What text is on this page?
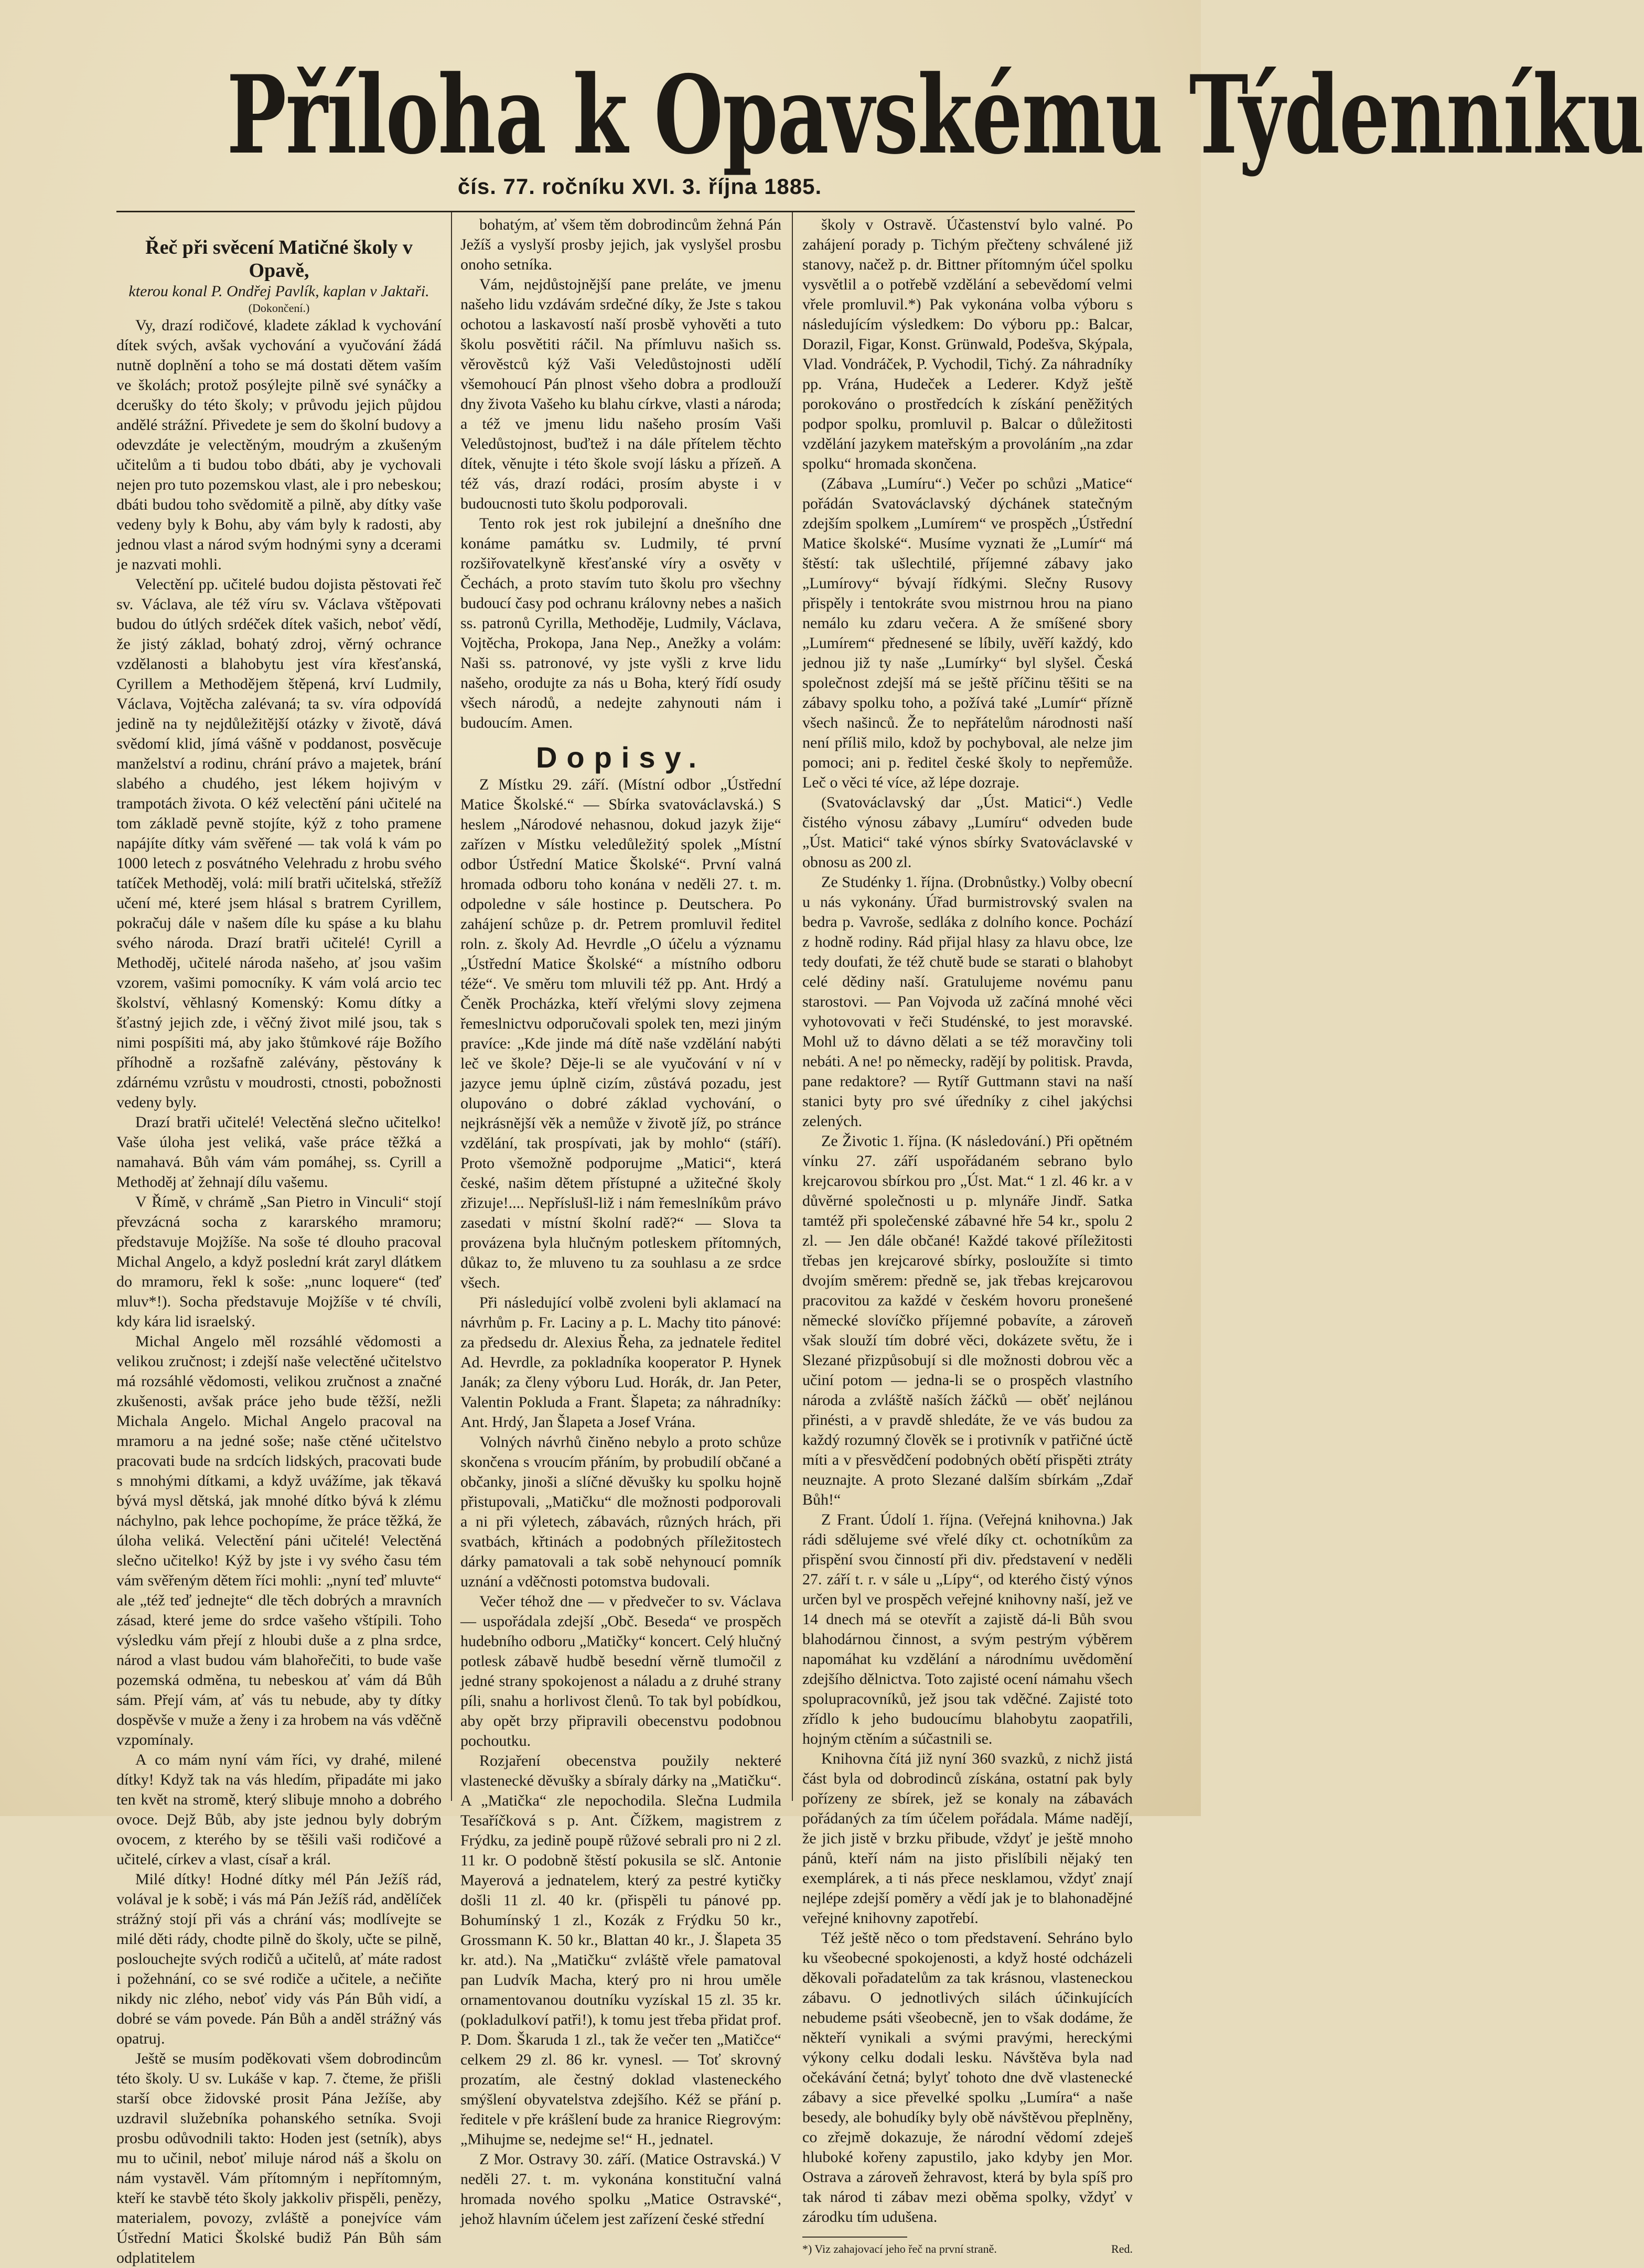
Příloha k Opavskému Týdenníku
čís. 77. ročníku XVI. 3. října 1885.
Řeč při svěcení Matičné školy v Opavě,
kterou konal P. Ondřej Pavlík, kaplan v Jaktaři.
(Dokončení.)

Vy, drazí rodičové, kladete základ k vychování dítek svých, avšak vychování a vyučování žádá nutně doplnění a toho se má dostati dětem vaším ve školách; protož posýlejte pilně své synáčky a dcerušky do této školy; v průvodu jejich půjdou andělé strážní. Přivedete je sem do školní budovy a odevzdáte je velectěným, moudrým a zkušeným učitelům a ti budou tobo dbáti, aby je vychovali nejen pro tuto pozemskou vlast, ale i pro nebeskou; dbáti budou toho svědomitě a pilně, aby dítky vaše vedeny byly k Bohu, aby vám byly k radosti, aby jednou vlast a národ svým hodnými syny a dcerami je nazvati mohli.

Velectění pp. učitelé budou dojista pěstovati řeč sv. Václava, ale též víru sv. Václava vštěpovati budou do útlých srdéček dítek vašich, neboť vědí, že jistý základ, bohatý zdroj, věrný ochrance vzdělanosti a blahobytu jest víra křesťanská, Cyrillem a Methodějem štěpená, krví Ludmily, Václava, Vojtěcha zalévaná; ta sv. víra odpovídá jedině na ty nejdůležitější otázky v životě, dává svědomí klid, jímá vášně v poddanost, posvěcuje manželství a rodinu, chrání právo a majetek, brání slabého a chudého, jest lékem hojivým v trampotách života. O kéž velectění páni učitelé na tom základě pevně stojíte, kýž z toho pramene napájíte dítky vám svěřené — tak volá k vám po 1000 letech z posvátného Velehradu z hrobu svého tatíček Methoděj, volá: milí bratři učitelská, střežíž učení mé, které jsem hlásal s bratrem Cyrillem, pokračuj dále v našem díle ku spáse a ku blahu svého národa. Drazí bratři učitelé! Cyrill a Methoděj, učitelé národa našeho, ať jsou vašim vzorem, vašimi pomocníky. K vám volá arcio tec školství, věhlasný Komenský: Komu dítky a šťastný jejich zde, i věčný život milé jsou, tak s nimi pospíšiti má, aby jako štůmkové ráje Božího příhodně a rozšafně zalévány, pěstovány k zdárnému vzrůstu v moudrosti, ctnosti, pobožnosti vedeny byly.

Drazí bratři učitelé! Velectěná slečno učitelko! Vaše úloha jest veliká, vaše práce těžká a namahavá. Bůh vám vám pomáhej, ss. Cyrill a Methoděj ať žehnají dílu vašemu.

V Římě, v chrámě „San Pietro in Vinculi“ stojí převzácná socha z kararského mramoru; představuje Mojžíše. Na soše té dlouho pracoval Michal Angelo, a když poslední krát zaryl dlátkem do mramoru, řekl k soše: „nunc loquere“ (teď mluv*!). Socha představuje Mojžíše v té chvíli, kdy kára lid israelský.

Michal Angelo měl rozsáhlé vědomosti a velikou zručnost; i zdejší naše velectěné učitelstvo má rozsáhlé vědomosti, velikou zručnost a značné zkušenosti, avšak práce jeho bude těžší, nežli Michala Angelo. Michal Angelo pracoval na mramoru a na jedné soše; naše ctěné učitelstvo pracovati bude na srdcích lidských, pracovati bude s mnohými dítkami, a když uvážíme, jak těkavá bývá mysl dětská, jak mnohé dítko bývá k zlému náchylno, pak lehce pochopíme, že práce těžká, že úloha veliká. Velectění páni učitelé! Velectěná slečno učitelko! Kýž by jste i vy svého času tém vám svěřeným dětem říci mohli: „nyní teď mluvte“ ale „též teď jednejte“ dle těch dobrých a mravních zásad, které jeme do srdce vašeho vštípili. Toho výsledku vám přejí z hloubi duše a z plna srdce, národ a vlast budou vám blahořečiti, to bude vaše pozemská odměna, tu nebeskou ať vám dá Bůh sám. Přejí vám, ať vás tu nebude, aby ty dítky dospěvše v muže a ženy i za hrobem na vás vděčně vzpomínaly.

A co mám nyní vám říci, vy drahé, milené dítky! Když tak na vás hledím, připadáte mi jako ten květ na stromě, který slibuje mnoho a dobrého ovoce. Dejž Bůb, aby jste jednou byly dobrým ovocem, z kterého by se těšili vaši rodičové a učitelé, církev a vlast, císař a král.

Milé dítky! Hodné dítky mél Pán Ježíš rád, volával je k sobě; i vás má Pán Ježíš rád, andělíček strážný stojí při vás a chrání vás; modlívejte se milé děti rády, chodte pilně do školy, učte se pilně, poslouchejte svých rodičů a učitelů, ať máte radost i požehnání, co se své rodiče a učitele, a nečiňte nikdy nic zlého, neboť vidy vás Pán Bůh vidí, a dobré se vám povede. Pán Bůh a anděl strážný vás opatruj.

Ještě se musím poděkovati všem dobrodincům této školy. U sv. Lukáše v kap. 7. čteme, že přišli starší obce židovské prosit Pána Ježíše, aby uzdravil služebníka pohanského setníka. Svoji prosbu odůvodnili takto: Hoden jest (setník), abys mu to učinil, neboť miluje národ náš a školu on nám vystavěl. Vám přítomným i nepřítomným, kteří ke stavbě této školy jakkoliv přispěli, penězy, materialem, povozy, zvláště a ponejvíce vám Ústřední Matici Školské budiž Pán Bůh sám odplatitelem

bohatým, ať všem těm dobrodincům žehná Pán Ježíš a vyslyší prosby jejich, jak vyslyšel prosbu onoho setníka.

Vám, nejdůstojnější pane preláte, ve jmenu našeho lidu vzdávám srdečné díky, že Jste s takou ochotou a laskavostí naší prosbě vyhověti a tuto školu posvětiti ráčil. Na přímluvu našich ss. věrověstců kýž Vaši Veledůstojnosti udělí všemohoucí Pán plnost všeho dobra a prodlouží dny života Vašeho ku blahu církve, vlasti a národa; a též ve jmenu lidu našeho prosím Vaši Veledůstojnost, buďtež i na dále přítelem těchto dítek, věnujte i této škole svojí lásku a přízeň. A též vás, drazí rodáci, prosím abyste i v budoucnosti tuto školu podporovali.

Tento rok jest rok jubilejní a dnešního dne konáme památku sv. Ludmily, té první rozšiřovatelkyně křesťanské víry a osvěty v Čechách, a proto stavím tuto školu pro všechny budoucí časy pod ochranu královny nebes a našich ss. patronů Cyrilla, Methoděje, Ludmily, Václava, Vojtěcha, Prokopa, Jana Nep., Anežky a volám: Naši ss. patronové, vy jste vyšli z krve lidu našeho, orodujte za nás u Boha, který řídí osudy všech národů, a nedejte zahynouti nám i budoucím. Amen.

Dopisy.

Z Místku 29. září. (Místní odbor „Ústřední Matice Školské.“ — Sbírka svatováclavská.) S heslem „Národové nehasnou, dokud jazyk žije“ zařízen v Místku veledůležitý spolek „Místní odbor Ústřední Matice Školské“. První valná hromada odboru toho konána v neděli 27. t. m. odpoledne v sále hostince p. Deutschera. Po zahájení schůze p. dr. Petrem promluvil ředitel roln. z. školy Ad. Hevrdle „O účelu a významu „Ústřední Matice Školské“ a místního odboru téže“. Ve směru tom mluvili též pp. Ant. Hrdý a Čeněk Procházka, kteří vřelými slovy zejmena řemeslnictvu odporučovali spolek ten, mezi jiným pravíce: „Kde jinde má dítě naše vzdělání nabýti leč ve škole? Děje-li se ale vyučování v ní v jazyce jemu úplně cizím, zůstává pozadu, jest olupováno o dobré základ vychování, o nejkrásnější věk a nemůže v životě jíž, po stránce vzdělání, tak prospívati, jak by mohlo“ (stáří). Proto všemožně podporujme „Matici“, která české, našim dětem přístupné a užitečné školy zřizuje!.... Nepříslušl-liž i nám řemeslníkům právo zasedati v místní školní radě?“ — Slova ta provázena byla hlučným potleskem přítomných, důkaz to, že mluveno tu za souhlasu a ze srdce všech.

Při následující volbě zvoleni byli aklamací na návrhům p. Fr. Laciny a p. L. Machy tito pánové: za předsedu dr. Alexius Řeha, za jednatele ředitel Ad. Hevrdle, za pokladníka kooperator P. Hynek Janák; za členy výboru Lud. Horák, dr. Jan Peter, Valentin Pokluda a Frant. Šlapeta; za náhradníky: Ant. Hrdý, Jan Šlapeta a Josef Vrána.

Volných návrhů činěno nebylo a proto schůze skončena s vroucím přáním, by probudilí občané a občanky, jinoši a slíčné děvušky ku spolku hojně přistupovali, „Matičku“ dle možnosti podporovali a ni při výletech, zábavách, různých hrách, při svatbách, křtinách a podobných příležitostech dárky pamatovali a tak sobě nehynoucí pomník uznání a vděčnosti potomstva budovali.

Večer téhož dne — v předvečer to sv. Václava — uspořádala zdejší „Obč. Beseda“ ve prospěch hudebního odboru „Matičky“ koncert. Celý hlučný potlesk zábavě hudbě besední věrně tlumočil z jedné strany spokojenost a náladu a z druhé strany píli, snahu a horlivost členů. To tak byl pobídkou, aby opět brzy připravili obecenstvu podobnou pochoutku.

Rozjaření obecenstva použily nekteré vlastenecké děvušky a sbíraly dárky na „Matičku“. A „Matička“ zle nepochodila. Slečna Ludmila Tesaříčková s p. Ant. Čížkem, magistrem z Frýdku, za jedině poupě růžové sebrali pro ni 2 zl. 11 kr. O podobně štěstí pokusila se slč. Antonie Mayerová a jednatelem, který za pestré kytičky došli 11 zl. 40 kr. (přispěli tu pánové pp. Bohumínský 1 zl., Kozák z Frýdku 50 kr., Grossmann K. 50 kr., Blattan 40 kr., J. Šlapeta 35 kr. atd.). Na „Matičku“ zvláště vřele pamatoval pan Ludvík Macha, který pro ni hrou uměle ornamentovanou doutníku vyzískal 15 zl. 35 kr. (pokladulkoví patři!), k tomu jest třeba přidat prof. P. Dom. Škaruda 1 zl., tak že večer ten „Matičce“ celkem 29 zl. 86 kr. vynesl. — Toť skrovný prozatím, ale čestný doklad vlasteneckého smýšlení obyvatelstva zdejšího. Kéž se přání p. ředitele v pře krášlení bude za hranice Riegrovým: „Mihujme se, nedejme se!“ H., jednatel.

Z Mor. Ostravy 30. září. (Matice Ostravská.) V neděli 27. t. m. vykonána konstituční valná hromada nového spolku „Matice Ostravské“, jehož hlavním účelem jest zařízení české střední

školy v Ostravě. Účastenství bylo valné. Po zahájení porady p. Tichým přečteny schválené již stanovy, načež p. dr. Bittner přítomným účel spolku vysvětlil a o potřebě vzdělání a sebevědomí velmi vřele promluvil.*) Pak vykonána volba výboru s následujícím výsledkem: Do výboru pp.: Balcar, Dorazil, Figar, Konst. Grünwald, Podešva, Skýpala, Vlad. Vondráček, P. Vychodil, Tichý. Za náhradníky pp. Vrána, Hudeček a Lederer. Když ještě porokováno o prostředcích k získání peněžitých podpor spolku, promluvil p. Balcar o důležitosti vzdělání jazykem mateřským a provoláním „na zdar spolku“ hromada skončena.

(Zábava „Lumíru“.) Večer po schůzi „Matice“ pořádán Svatováclavský dýchánek statečným zdejším spolkem „Lumírem“ ve prospěch „Ústřední Matice školské“. Musíme vyznati že „Lumír“ má štěstí: tak ušlechtilé, příjemné zábavy jako „Lumírovy“ bývají řídkými. Slečny Rusovy přispěly i tentokráte svou mistrnou hrou na piano nemálo ku zdaru večera. A že smíšené sbory „Lumírem“ přednesené se líbily, uvěří každý, kdo jednou již ty naše „Lumírky“ byl slyšel. Česká společnost zdejší má se ještě příčinu těšiti se na zábavy spolku toho, a požívá také „Lumír“ přízně všech našinců. Že to nepřátelům národnosti naší není příliš milo, kdož by pochyboval, ale nelze jim pomoci; ani p. ředitel české školy to nepřemůže. Leč o věci té více, až lépe dozraje.

(Svatováclavský dar „Úst. Matici“.) Vedle čistého výnosu zábavy „Lumíru“ odveden bude „Úst. Matici“ také výnos sbírky Svatováclavské v obnosu as 200 zl.

Ze Studénky 1. října. (Drobnůstky.) Volby obecní u nás vykonány. Úřad burmistrovský svalen na bedra p. Vavroše, sedláka z dolního konce. Pochází z hodně rodiny. Rád přijal hlasy za hlavu obce, lze tedy doufati, že též chutě bude se starati o blahobyt celé dědiny naší. Gratulujeme novému panu starostovi. — Pan Vojvoda už začíná mnohé věci vyhotovovati v řeči Studénské, to jest moravské. Mohl už to dávno dělati a se též moravčiny toli nebáti. A ne! po německy, radějí by politisk. Pravda, pane redaktore? — Rytíř Guttmann stavi na naší stanici byty pro své úředníky z cihel jakýchsi zelených.

Ze Životic 1. října. (K následování.) Při opětném vínku 27. září uspořádaném sebrano bylo krejcarovou sbírkou pro „Úst. Mat.“ 1 zl. 46 kr. a v důvěrné společnosti u p. mlynáře Jindř. Satka tamtéž při společenské zábavné hře 54 kr., spolu 2 zl. — Jen dále občané! Každé takové příležitosti třebas jen krejcarové sbírky, posloužíte si timto dvojím směrem: předně se, jak třebas krejcarovou pracovitou za každé v českém hovoru pronešené německé slovíčko příjemné pobavíte, a zároveň však slouží tím dobré věci, dokázete světu, že i Slezané přizpůsobují si dle možnosti dobrou věc a učiní potom — jedna-li se o prospěch vlastního národa a zvláště naších žáčků — oběť nejlánou přinésti, a v pravdě shledáte, že ve vás budou za každý rozumný člověk se i protivník v patřičné úctě míti a v přesvědčení podobných obětí přispěti ztráty neuznajte. A proto Slezané dalším sbírkám „Zdař Bůh!“

Z Frant. Údolí 1. října. (Veřejná knihovna.) Jak rádi sdělujeme své vřelé díky ct. ochotníkům za přispění svou činností při div. představení v neděli 27. září t. r. v sále u „Lípy“, od kterého čistý výnos určen byl ve prospěch veřejné knihovny naší, jež ve 14 dnech má se otevřít a zajistě dá-li Bůh svou blahodárnou činnost, a svým pestrým výběrem napomáhat ku vzdělání a národnímu uvědomění zdejšího dělnictva. Toto zajisté ocení námahu všech spolupracovníků, jež jsou tak vděčné. Zajisté toto zřídlo k jeho budoucímu blahobytu zaopatřili, hojným ctěním a súčastnili se.

Knihovna čítá již nyní 360 svazků, z nichž jistá část byla od dobrodinců získána, ostatní pak byly pořízeny ze sbírek, jež se konaly na zábavách pořádaných za tím účelem pořádala. Máme nadějí, že jich jistě v brzku přibude, vždyť je ještě mnoho pánů, kteří nám na jisto přislíbili nějaký ten exemplárek, a ti nás přece nesklamou, vždyť znají nejlépe zdejší poměry a vědí jak je to blahonadějné veřejné knihovny zapotřebí.

Též ještě něco o tom představení. Sehráno bylo ku všeobecné spokojenosti, a když hosté odcházeli děkovali pořadatelům za tak krásnou, vlasteneckou zábavu. O jednotlivých silách účinkujících nebudeme psáti všeobecně, jen to však dodáme, že někteří vynikali a svými pravými, hereckými výkony celku dodali lesku. Návštěva byla nad očekávání četná; bylyť tohoto dne dvě vlastenecké zábavy a sice převelké spolku „Lumíra“ a naše besedy, ale bohudíky byly obě návštěvou přeplněny, co zřejmě dokazuje, že národní vědomí zdeješ hluboké kořeny zapustilo, jako kdyby jen Mor. Ostrava a zároveň žehravost, která by byla spíš pro tak národ ti zábav mezi oběma spolky, vždyť v zárodku tím udušena.

*) Viz zahajovací jeho řeč na první straně.	Red.
